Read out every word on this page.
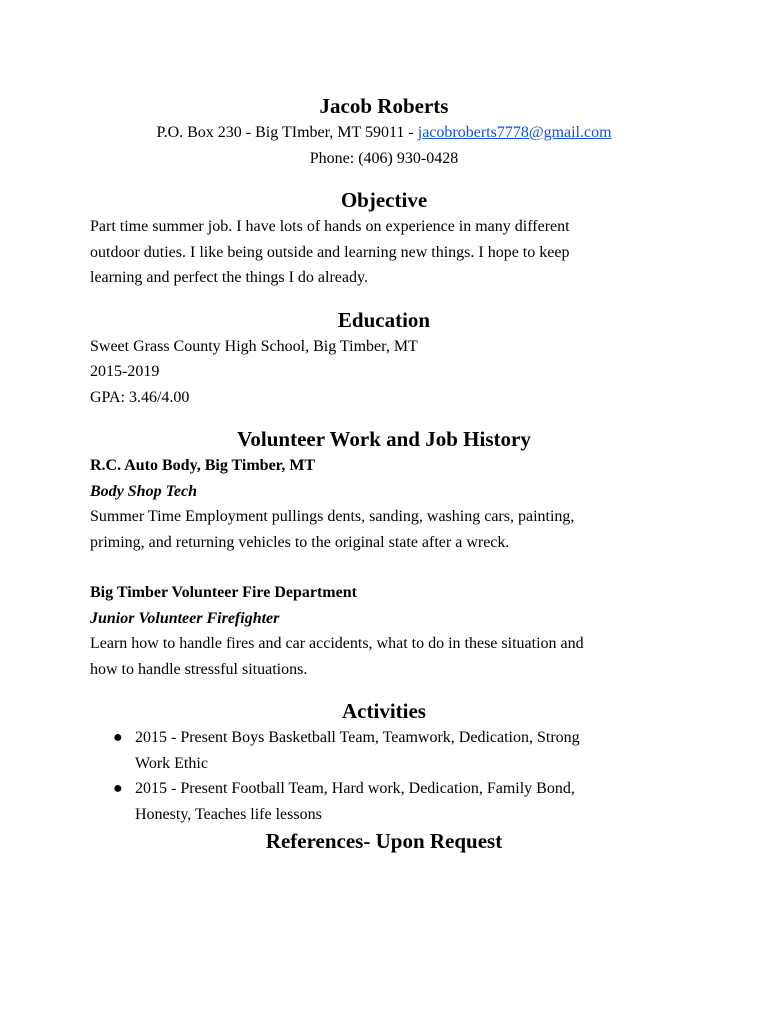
Jacob Roberts

P.O. Box 230 - Big TImber, MT 59011 - jacobroberts7778@gmail.com

Phone: (406) 930-0428

Objective

Part time summer job. I have lots of hands on experience in many different

outdoor duties. I like being outside and learning new things. I hope to keep

learning and perfect the things I do already.

Education

Sweet Grass County High School, Big Timber, MT

2015-2019

GPA: 3.46/4.00

Volunteer Work and Job History

R.C. Auto Body, Big Timber, MT

Body Shop Tech

Summer Time Employment pullings dents, sanding, washing cars, painting,

priming, and returning vehicles to the original state after a wreck.

Big Timber Volunteer Fire Department

Junior Volunteer Firefighter

Learn how to handle fires and car accidents, what to do in these situation and

how to handle stressful situations.

Activities

● 2015 - Present Boys Basketball Team, Teamwork, Dedication, Strong
Work Ethic
● 2015 - Present Football Team, Hard work, Dedication, Family Bond,
Honesty, Teaches life lessons

References- Upon Request
